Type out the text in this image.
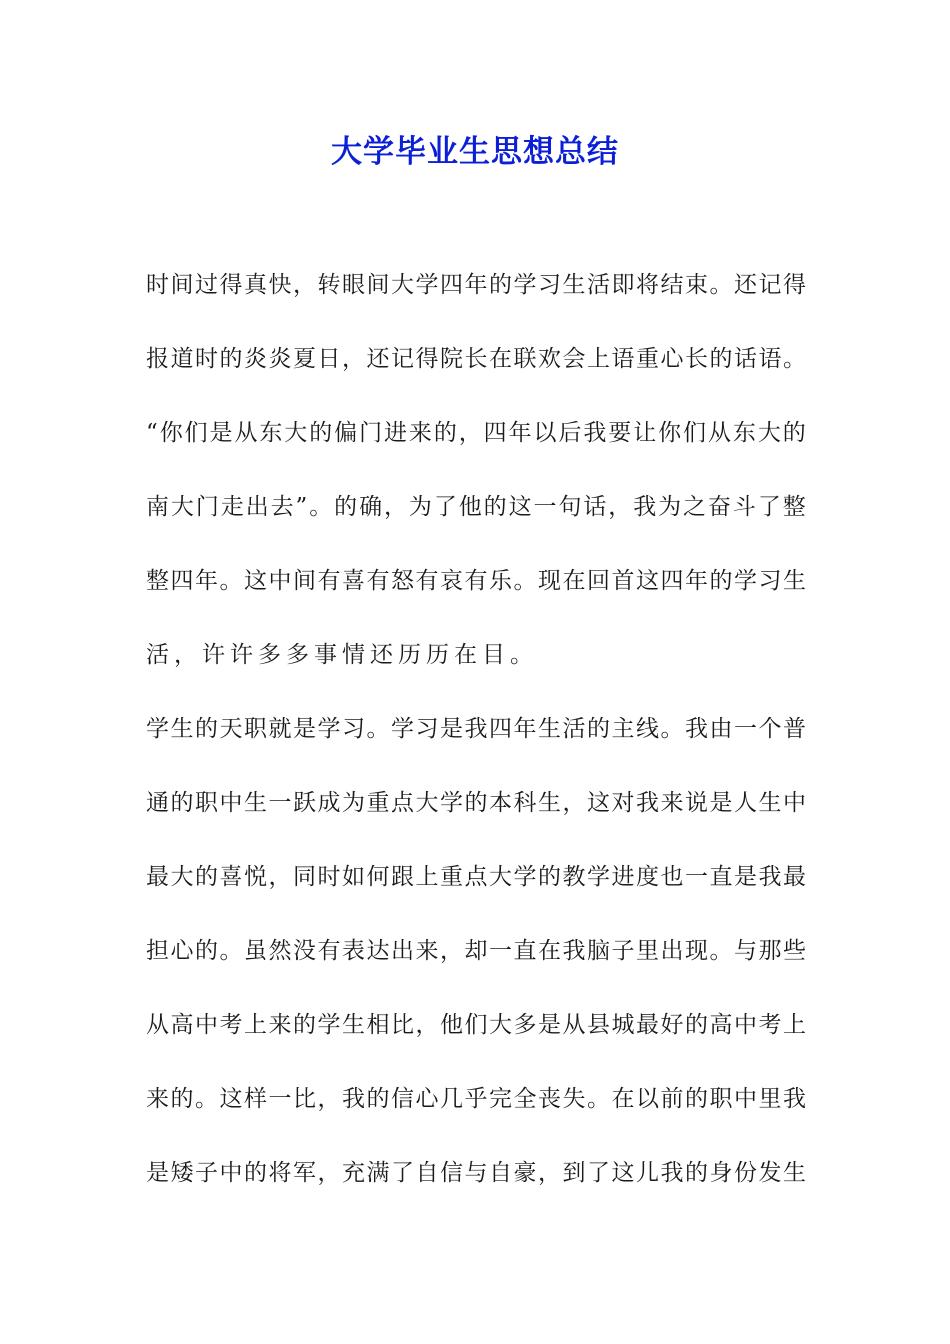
大学毕业生思想总结
时 间 过 得 真 快 ， 转 眼 间 大 学 四 年 的 学 习 生 活 即 将 结 束 。 还 记 得
报 道 时 的 炎 炎 夏 日 ， 还 记 得 院 长 在 联 欢 会 上 语 重 心 长 的 话 语 。
“ 你 们 是 从 东 大 的 偏 门 进 来 的 ， 四 年 以 后 我 要 让 你 们 从 东 大 的
南 大 门 走 出 去 ” 。 的 确 ， 为 了 他 的 这 一 句 话 ， 我 为 之 奋 斗 了 整
整 四 年 。 这 中 间 有 喜 有 怒 有 哀 有 乐 。 现 在 回 首 这 四 年 的 学 习 生
活，许许多多事情还历历在目。
学 生 的 天 职 就 是 学 习 。 学 习 是 我 四 年 生 活 的 主 线 。 我 由 一 个 普
通 的 职 中 生 一 跃 成 为 重 点 大 学 的 本 科 生 ， 这 对 我 来 说 是 人 生 中
最 大 的 喜 悦 ， 同 时 如 何 跟 上 重 点 大 学 的 教 学 进 度 也 一 直 是 我 最
担 心 的 。 虽 然 没 有 表 达 出 来 ， 却 一 直 在 我 脑 子 里 出 现 。 与 那 些
从 高 中 考 上 来 的 学 生 相 比 ， 他 们 大 多 是 从 县 城 最 好 的 高 中 考 上
来 的 。 这 样 一 比 ， 我 的 信 心 几 乎 完 全 丧 失 。 在 以 前 的 职 中 里 我
是 矮 子 中 的 将 军 ， 充 满 了 自 信 与 自 豪 ， 到 了 这 儿 我 的 身 份 发 生
